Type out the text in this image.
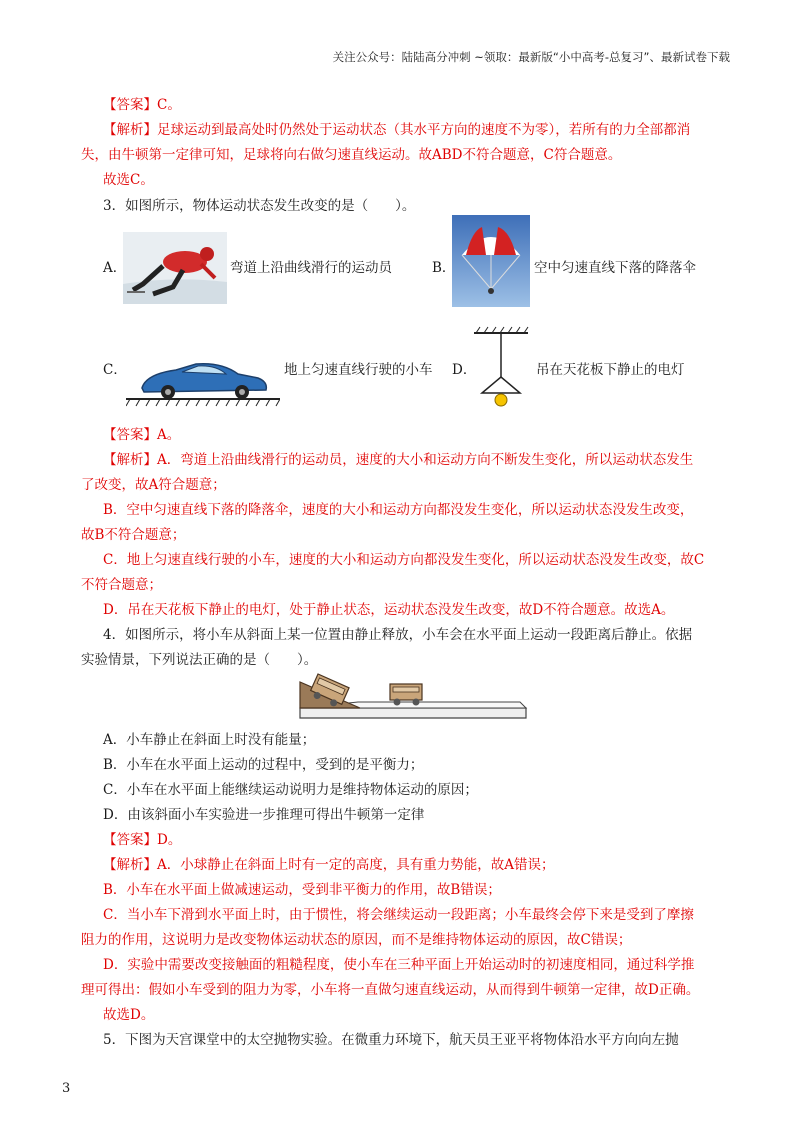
关注公众号：陆陆高分冲刺 ~领取：最新版“小中高考-总复习”、最新试卷下载
【答案】C。
【解析】足球运动到最高处时仍然处于运动状态（其水平方向的速度不为零），若所有的力全部都消
失，由牛顿第一定律可知，足球将向右做匀速直线运动。故ABD不符合题意，C符合题意。
故选C。
3．如图所示，物体运动状态发生改变的是（　　）。
A．	弯道上沿曲线滑行的运动员	B．	空中匀速直线下落的降落伞
C．	地上匀速直线行驶的小车 D．	吊在天花板下静止的电灯
【答案】A。
【解析】A．弯道上沿曲线滑行的运动员，速度的大小和运动方向不断发生变化，所以运动状态发生
了改变，故A符合题意；
B．空中匀速直线下落的降落伞，速度的大小和运动方向都没发生变化，所以运动状态没发生改变，
故B不符合题意；
C．地上匀速直线行驶的小车，速度的大小和运动方向都没发生变化，所以运动状态没发生改变，故C
不符合题意；
D．吊在天花板下静止的电灯，处于静止状态，运动状态没发生改变，故D不符合题意。故选A。
4．如图所示，将小车从斜面上某一位置由静止释放，小车会在水平面上运动一段距离后静止。依据
实验情景，下列说法正确的是（　　）。
A．小车静止在斜面上时没有能量；
B．小车在水平面上运动的过程中，受到的是平衡力；
C．小车在水平面上能继续运动说明力是维持物体运动的原因；
D．由该斜面小车实验进一步推理可得出牛顿第一定律
【答案】D。
【解析】A．小球静止在斜面上时有一定的高度，具有重力势能，故A错误；
B．小车在水平面上做减速运动，受到非平衡力的作用，故B错误；
C．当小车下滑到水平面上时，由于惯性，将会继续运动一段距离；小车最终会停下来是受到了摩擦
阻力的作用，这说明力是改变物体运动状态的原因，而不是维持物体运动的原因，故C错误；
D．实验中需要改变接触面的粗糙程度，使小车在三种平面上开始运动时的初速度相同，通过科学推
理可得出：假如小车受到的阻力为零，小车将一直做匀速直线运动，从而得到牛顿第一定律，故D正确。
故选D。
5．下图为天宫课堂中的太空抛物实验。在微重力环境下，航天员王亚平将物体沿水平方向向左抛
3
